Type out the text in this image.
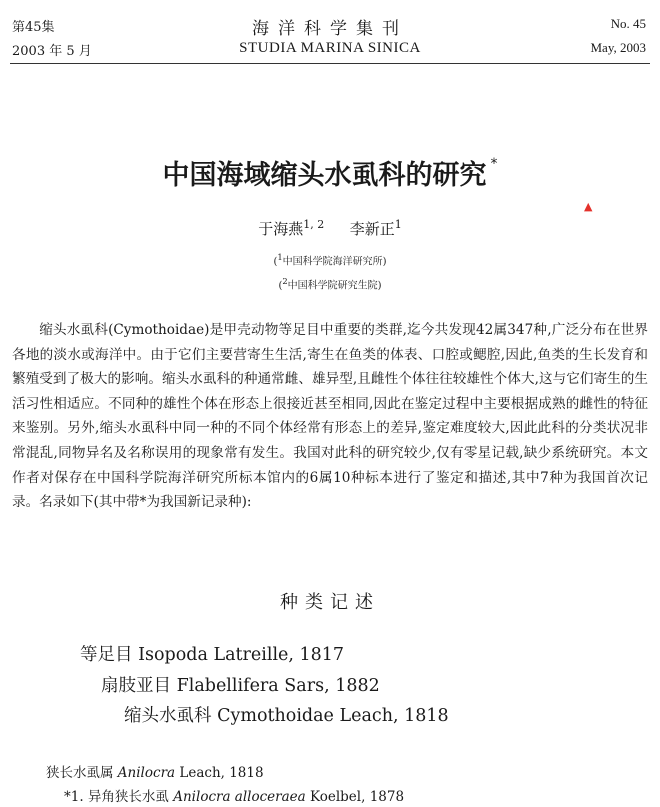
第45集
2003 年 5 月
海洋科学集刊
STUDIA MARINA SINICA
No. 45
May, 2003
中国海域缩头水虱科的研究 *
▲
于海燕$^{1, 2}$ 李新正$^1$
($^1$中国科学院海洋研究所)
($^2$中国科学院研究生院)

缩头水虱科(Cymothoidae)是甲壳动物等足目中重要的类群,迄今共发现42属347种,广泛分布在世界各地的淡水或海洋中。由于它们主要营寄生生活,寄生在鱼类的体表、口腔或鳃腔,因此,鱼类的生长发育和繁殖受到了极大的影响。缩头水虱科的种通常雌、雄异型,且雌性个体往往较雄性个体大,这与它们寄生的生活习性相适应。不同种的雄性个体在形态上很接近甚至相同,因此在鉴定过程中主要根据成熟的雌性的特征来鉴别。另外,缩头水虱科中同一种的不同个体经常有形态上的差异,鉴定难度较大,因此此科的分类状况非常混乱,同物异名及名称误用的现象常有发生。我国对此科的研究较少,仅有零星记载,缺少系统研究。本文作者对保存在中国科学院海洋研究所标本馆内的6属10种标本进行了鉴定和描述,其中7种为我国首次记录。名录如下(其中带*为我国新记录种):

种类记述
等足目 Isopoda Latreille, 1817
扇肢亚目 Flabellifera Sars, 1882
缩头水虱科 Cymothoidae Leach, 1818
狭长水虱属 Anilocra Leach, 1818
*1. 异角狭长水虱 Anilocra alloceraea Koelbel, 1878
